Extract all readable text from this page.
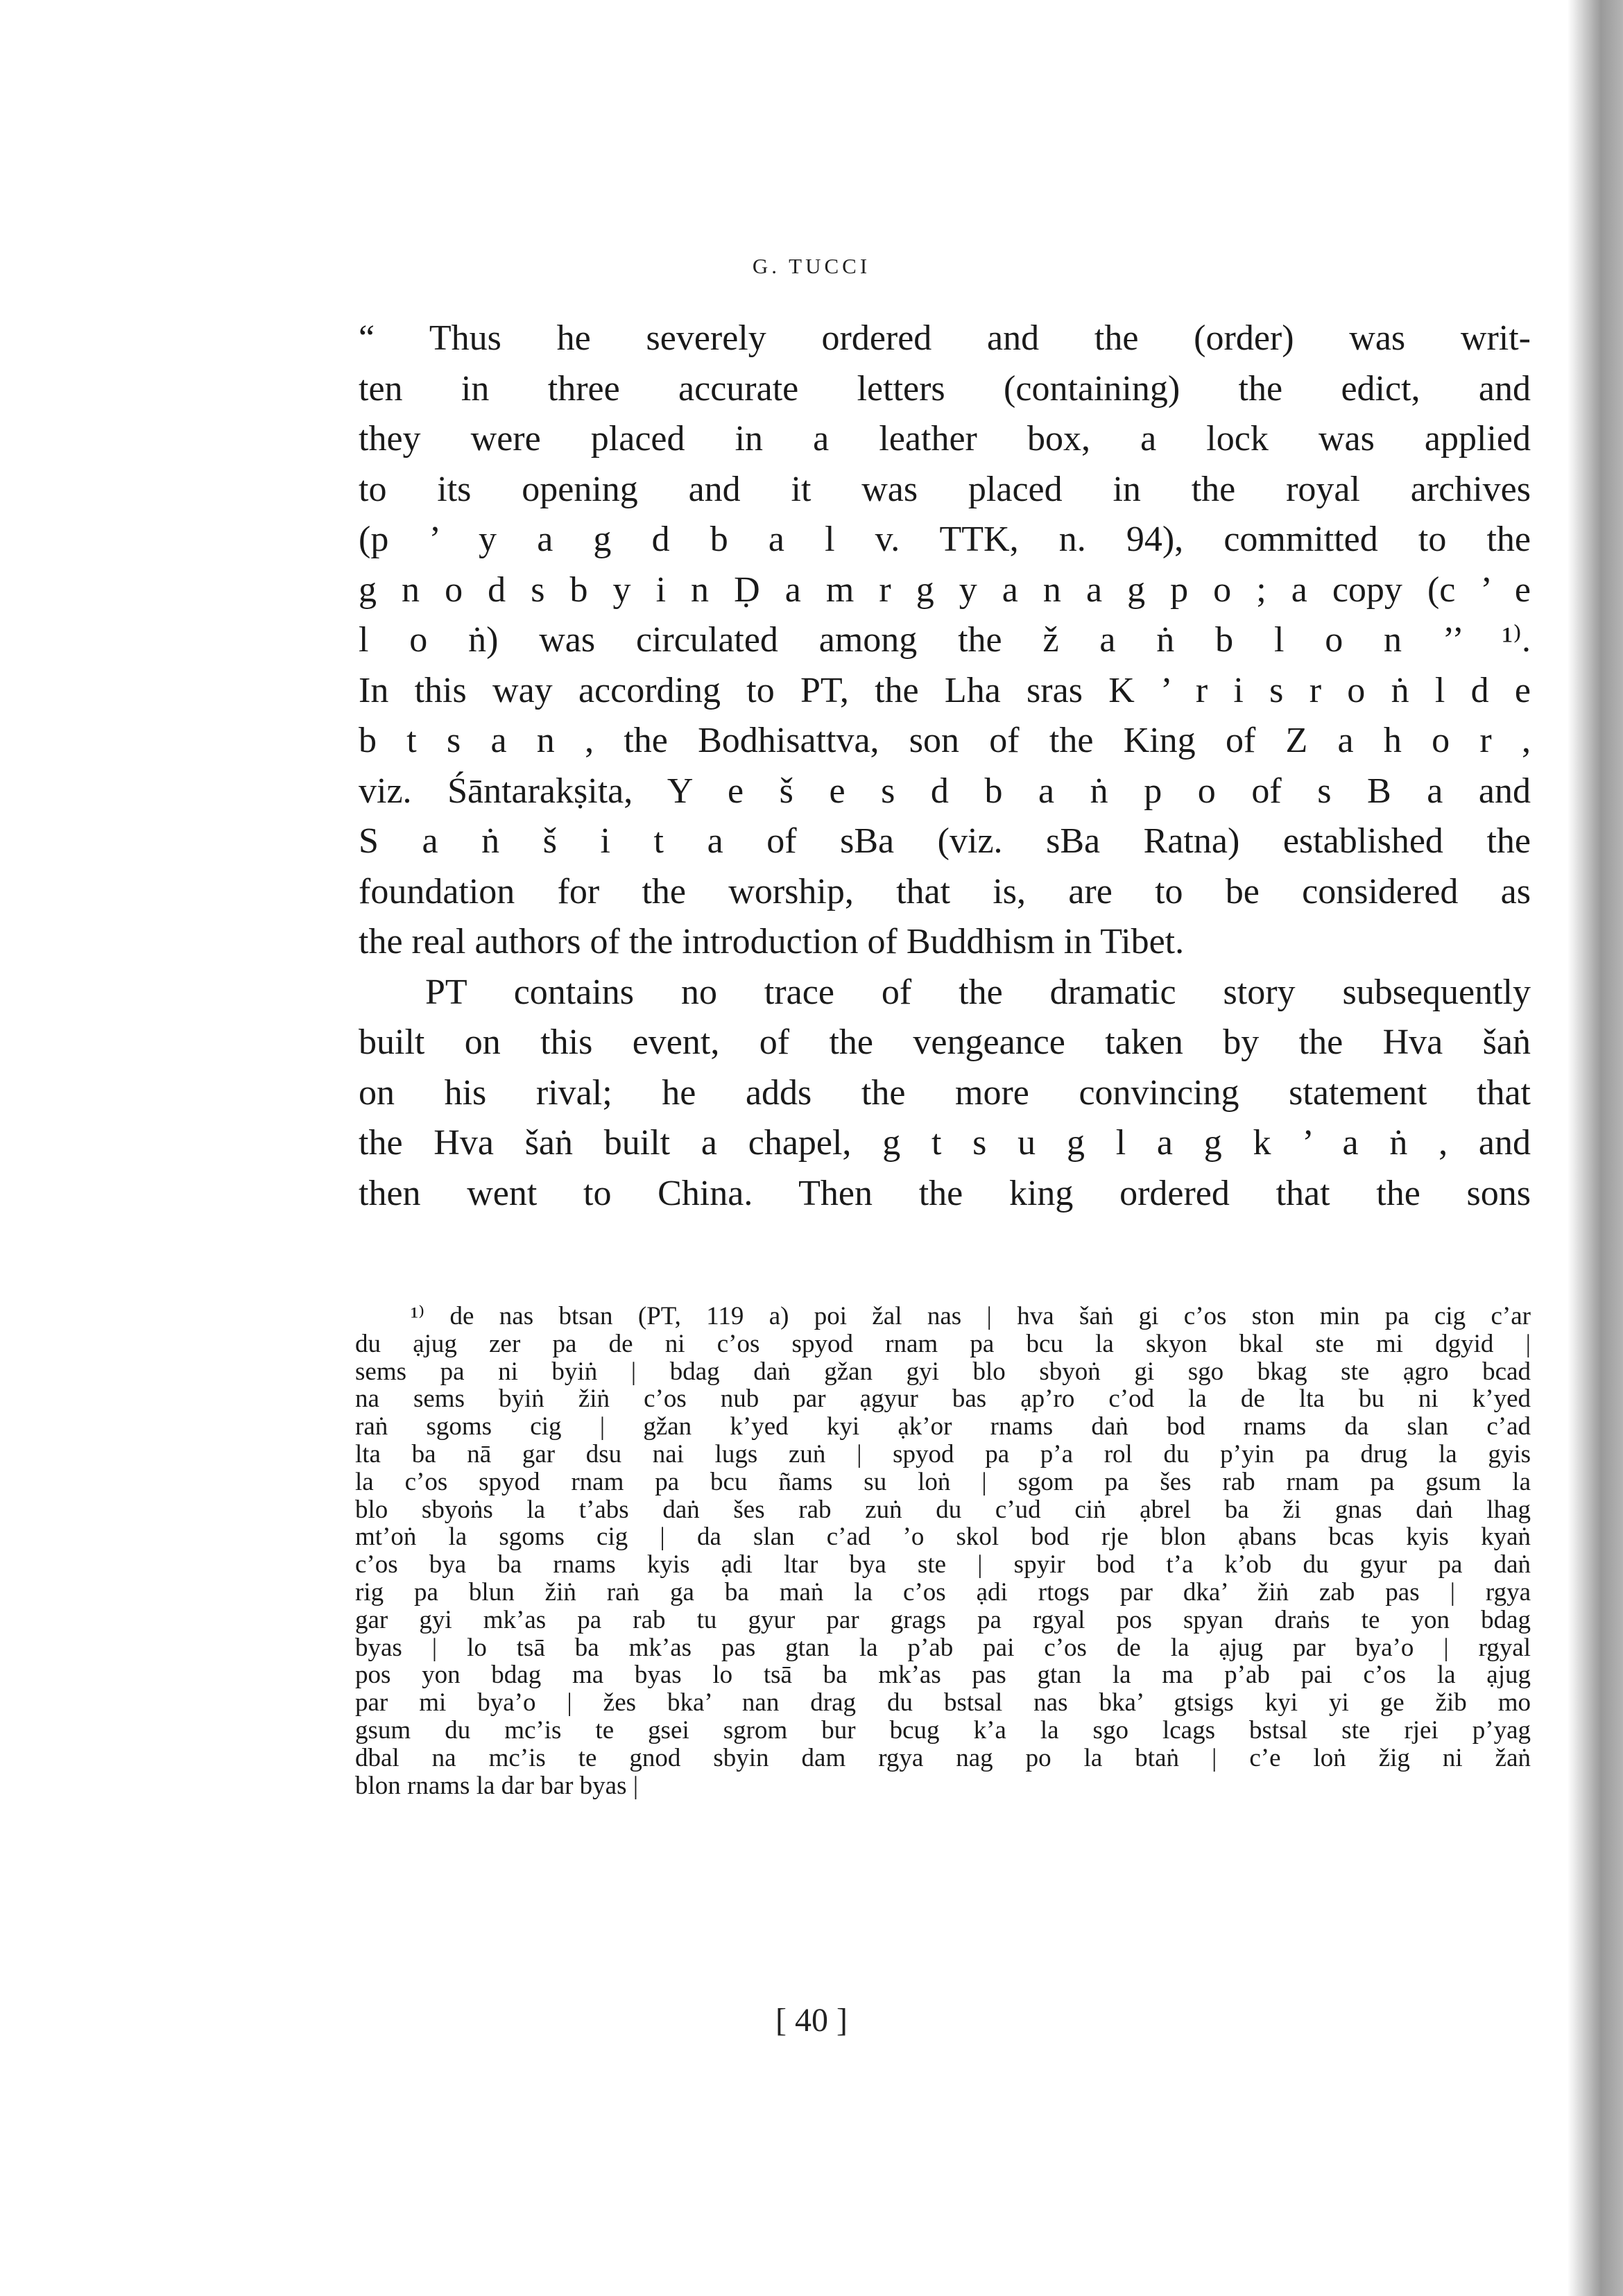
G. TUCCI
“ Thus he severely ordered and the (order) was writ-
ten in three accurate letters (containing) the edict, and
they were placed in a leather box, a lock was applied
to its opening and it was placed in the royal archives
(p ’ y a g d b a l v. TTK, n. 94), committed to the
g n o d s b y i n Ḍ a m r g y a n a g p o ; a copy (c ’ e
l o ṅ) was circulated among the ž a ṅ b l o n ’’ ¹⁾.
In this way according to PT, the Lha sras K ’ r i s r o ṅ l d e
b t s a n , the Bodhisattva, son of the King of Z a h o r ,
viz. Śāntarakṣita, Y e š e s d b a ṅ p o of s B a and
S a ṅ š i t a of sBa (viz. sBa Ratna) established the
foundation for the worship, that is, are to be considered as
the real authors of the introduction of Buddhism in Tibet.
PT contains no trace of the dramatic story subsequently
built on this event, of the vengeance taken by the Hva šaṅ
on his rival; he adds the more convincing statement that
the Hva šaṅ built a chapel, g t s u g l a g k ’ a ṅ , and
then went to China. Then the king ordered that the sons
¹⁾ de nas btsan (PT, 119 a) poi žal nas | hva šaṅ gi c’os ston min pa cig c’ar
du ạjug zer pa de ni c’os spyod rnam pa bcu la skyon bkal ste mi dgyid |
sems pa ni byiṅ | bdag daṅ gžan gyi blo sbyoṅ gi sgo bkag ste ạgro bcad
na sems byiṅ žiṅ c’os nub par ạgyur bas ạp’ro c’od la de lta bu ni k’yed
raṅ sgoms cig | gžan k’yed kyi ạk’or rnams daṅ bod rnams da slan c’ad
lta ba nā gar dsu nai lugs zuṅ | spyod pa p’a rol du p’yin pa drug la gyis
la c’os spyod rnam pa bcu ñams su loṅ | sgom pa šes rab rnam pa gsum la
blo sbyoṅs la t’abs daṅ šes rab zuṅ du c’ud ciṅ ạbrel ba ži gnas daṅ lhag
mt’oṅ la sgoms cig | da slan c’ad ’o skol bod rje blon ạbans bcas kyis kyaṅ
c’os bya ba rnams kyis ạdi ltar bya ste | spyir bod t’a k’ob du gyur pa daṅ
rig pa blun žiṅ raṅ ga ba maṅ la c’os ạdi rtogs par dka’ žiṅ zab pas | rgya
gar gyi mk’as pa rab tu gyur par grags pa rgyal pos spyan draṅs te yon bdag
byas | lo tsā ba mk’as pas gtan la p’ab pai c’os de la ạjug par bya’o | rgyal
pos yon bdag ma byas lo tsā ba mk’as pas gtan la ma p’ab pai c’os la ạjug
par mi bya’o | žes bka’ nan drag du bstsal nas bka’ gtsigs kyi yi ge žib mo
gsum du mc’is te gsei sgrom bur bcug k’a la sgo lcags bstsal ste rjei p’yag
dbal na mc’is te gnod sbyin dam rgya nag po la btaṅ | c’e loṅ žig ni žaṅ
blon rnams la dar bar byas |
[ 40 ]
